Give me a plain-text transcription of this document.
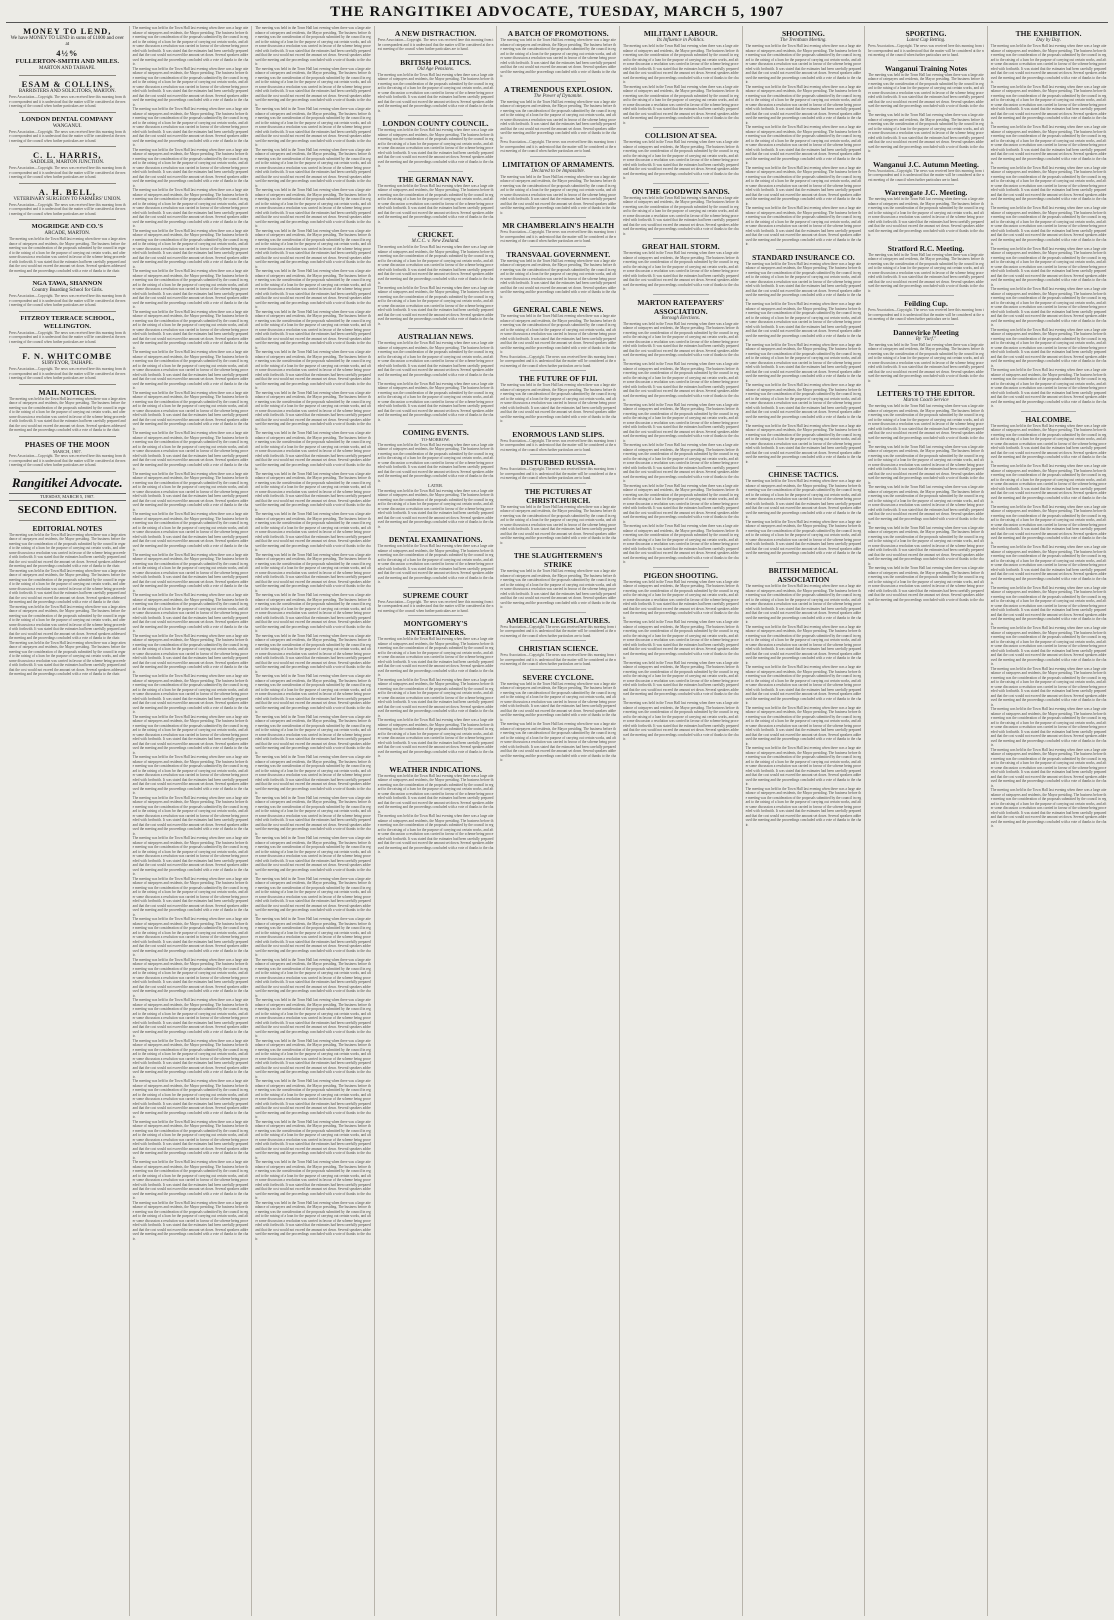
THE RANGITIKEI ADVOCATE, TUESDAY, MARCH 5, 1907
MONEY TO LEND,
We have MONEY TO LEND in sums of £1000 and over at
4½%
FULLERTON-SMITH AND MILES.
MARTON AND TAIHAPE.
ESAM & COLLINS,
BARRISTERS AND SOLICITORS, MARTON.
Press Association—Copyright. The news was received here this morning from the correspondent and it is understood that the matter will be considered at the next meeting of the council when further particulars are to hand.
LONDON DENTAL COMPANY
WANGANUI.
Press Association—Copyright. The news was received here this morning from the correspondent and it is understood that the matter will be considered at the next meeting of the council when further particulars are to hand.
C. L. HARRIS,
SADDLER, MARTON JUNCTION.
Press Association—Copyright. The news was received here this morning from the correspondent and it is understood that the matter will be considered at the next meeting of the council when further particulars are to hand.
A. H. BELL,
VETERINARY SURGEON TO FARMERS' UNION.
Press Association—Copyright. The news was received here this morning from the correspondent and it is understood that the matter will be considered at the next meeting of the council when further particulars are to hand.
MOGRIDGE AND CO.'S
ARCADE, MARTON.
The meeting was held in the Town Hall last evening when there was a large attendance of ratepayers and residents, the Mayor presiding. The business before the meeting was the consideration of the proposals submitted by the council in regard to the raising of a loan for the purpose of carrying out certain works, and after some discussion a resolution was carried in favour of the scheme being proceeded with forthwith. It was stated that the estimates had been carefully prepared and that the cost would not exceed the amount set down. Several speakers addressed the meeting and the proceedings concluded with a vote of thanks to the chair.
NGA TAWA, SHANNON
Country Boarding School for Girls.
Press Association—Copyright. The news was received here this morning from the correspondent and it is understood that the matter will be considered at the next meeting of the council when further particulars are to hand.
FITZROY TERRACE SCHOOL, WELLINGTON.
Press Association—Copyright. The news was received here this morning from the correspondent and it is understood that the matter will be considered at the next meeting of the council when further particulars are to hand.
F. N. WHITCOMBE
SURVEYOR, TAIHAPE.
Press Association—Copyright. The news was received here this morning from the correspondent and it is understood that the matter will be considered at the next meeting of the council when further particulars are to hand.
MAIL NOTICES.
The meeting was held in the Town Hall last evening when there was a large attendance of ratepayers and residents, the Mayor presiding. The business before the meeting was the consideration of the proposals submitted by the council in regard to the raising of a loan for the purpose of carrying out certain works, and after some discussion a resolution was carried in favour of the scheme being proceeded with forthwith. It was stated that the estimates had been carefully prepared and that the cost would not exceed the amount set down. Several speakers addressed the meeting and the proceedings concluded with a vote of thanks to the chair.
PHASES OF THE MOON
MARCH, 1907.
Press Association—Copyright. The news was received here this morning from the correspondent and it is understood that the matter will be considered at the next meeting of the council when further particulars are to hand.
Rangitikei Advocate.
TUESDAY, MARCH 5, 1907.
SECOND EDITION.
EDITORIAL NOTES
The meeting was held in the Town Hall last evening when there was a large attendance of ratepayers and residents, the Mayor presiding. The business before the meeting was the consideration of the proposals submitted by the council in regard to the raising of a loan for the purpose of carrying out certain works, and after some discussion a resolution was carried in favour of the scheme being proceeded with forthwith. It was stated that the estimates had been carefully prepared and that the cost would not exceed the amount set down. Several speakers addressed the meeting and the proceedings concluded with a vote of thanks to the chair.
The meeting was held in the Town Hall last evening when there was a large attendance of ratepayers and residents, the Mayor presiding. The business before the meeting was the consideration of the proposals submitted by the council in regard to the raising of a loan for the purpose of carrying out certain works, and after some discussion a resolution was carried in favour of the scheme being proceeded with forthwith. It was stated that the estimates had been carefully prepared and that the cost would not exceed the amount set down. Several speakers addressed the meeting and the proceedings concluded with a vote of thanks to the chair.
The meeting was held in the Town Hall last evening when there was a large attendance of ratepayers and residents, the Mayor presiding. The business before the meeting was the consideration of the proposals submitted by the council in regard to the raising of a loan for the purpose of carrying out certain works, and after some discussion a resolution was carried in favour of the scheme being proceeded with forthwith. It was stated that the estimates had been carefully prepared and that the cost would not exceed the amount set down. Several speakers addressed the meeting and the proceedings concluded with a vote of thanks to the chair.
The meeting was held in the Town Hall last evening when there was a large attendance of ratepayers and residents, the Mayor presiding. The business before the meeting was the consideration of the proposals submitted by the council in regard to the raising of a loan for the purpose of carrying out certain works, and after some discussion a resolution was carried in favour of the scheme being proceeded with forthwith. It was stated that the estimates had been carefully prepared and that the cost would not exceed the amount set down. Several speakers addressed the meeting and the proceedings concluded with a vote of thanks to the chair.
The meeting was held in the Town Hall last evening when there was a large attendance of ratepayers and residents, the Mayor presiding. The business before the meeting was the consideration of the proposals submitted by the council in regard to the raising of a loan for the purpose of carrying out certain works, and after some discussion a resolution was carried in favour of the scheme being proceeded with forthwith. It was stated that the estimates had been carefully prepared and that the cost would not exceed the amount set down. Several speakers addressed the meeting and the proceedings concluded with a vote of thanks to the chair.
The meeting was held in the Town Hall last evening when there was a large attendance of ratepayers and residents, the Mayor presiding. The business before the meeting was the consideration of the proposals submitted by the council in regard to the raising of a loan for the purpose of carrying out certain works, and after some discussion a resolution was carried in favour of the scheme being proceeded with forthwith. It was stated that the estimates had been carefully prepared and that the cost would not exceed the amount set down. Several speakers addressed the meeting and the proceedings concluded with a vote of thanks to the chair.
The meeting was held in the Town Hall last evening when there was a large attendance of ratepayers and residents, the Mayor presiding. The business before the meeting was the consideration of the proposals submitted by the council in regard to the raising of a loan for the purpose of carrying out certain works, and after some discussion a resolution was carried in favour of the scheme being proceeded with forthwith. It was stated that the estimates had been carefully prepared and that the cost would not exceed the amount set down. Several speakers addressed the meeting and the proceedings concluded with a vote of thanks to the chair.
The meeting was held in the Town Hall last evening when there was a large attendance of ratepayers and residents, the Mayor presiding. The business before the meeting was the consideration of the proposals submitted by the council in regard to the raising of a loan for the purpose of carrying out certain works, and after some discussion a resolution was carried in favour of the scheme being proceeded with forthwith. It was stated that the estimates had been carefully prepared and that the cost would not exceed the amount set down. Several speakers addressed the meeting and the proceedings concluded with a vote of thanks to the chair.
The meeting was held in the Town Hall last evening when there was a large attendance of ratepayers and residents, the Mayor presiding. The business before the meeting was the consideration of the proposals submitted by the council in regard to the raising of a loan for the purpose of carrying out certain works, and after some discussion a resolution was carried in favour of the scheme being proceeded with forthwith. It was stated that the estimates had been carefully prepared and that the cost would not exceed the amount set down. Several speakers addressed the meeting and the proceedings concluded with a vote of thanks to the chair.
The meeting was held in the Town Hall last evening when there was a large attendance of ratepayers and residents, the Mayor presiding. The business before the meeting was the consideration of the proposals submitted by the council in regard to the raising of a loan for the purpose of carrying out certain works, and after some discussion a resolution was carried in favour of the scheme being proceeded with forthwith. It was stated that the estimates had been carefully prepared and that the cost would not exceed the amount set down. Several speakers addressed the meeting and the proceedings concluded with a vote of thanks to the chair.
The meeting was held in the Town Hall last evening when there was a large attendance of ratepayers and residents, the Mayor presiding. The business before the meeting was the consideration of the proposals submitted by the council in regard to the raising of a loan for the purpose of carrying out certain works, and after some discussion a resolution was carried in favour of the scheme being proceeded with forthwith. It was stated that the estimates had been carefully prepared and that the cost would not exceed the amount set down. Several speakers addressed the meeting and the proceedings concluded with a vote of thanks to the chair.
The meeting was held in the Town Hall last evening when there was a large attendance of ratepayers and residents, the Mayor presiding. The business before the meeting was the consideration of the proposals submitted by the council in regard to the raising of a loan for the purpose of carrying out certain works, and after some discussion a resolution was carried in favour of the scheme being proceeded with forthwith. It was stated that the estimates had been carefully prepared and that the cost would not exceed the amount set down. Several speakers addressed the meeting and the proceedings concluded with a vote of thanks to the chair.
The meeting was held in the Town Hall last evening when there was a large attendance of ratepayers and residents, the Mayor presiding. The business before the meeting was the consideration of the proposals submitted by the council in regard to the raising of a loan for the purpose of carrying out certain works, and after some discussion a resolution was carried in favour of the scheme being proceeded with forthwith. It was stated that the estimates had been carefully prepared and that the cost would not exceed the amount set down. Several speakers addressed the meeting and the proceedings concluded with a vote of thanks to the chair.
The meeting was held in the Town Hall last evening when there was a large attendance of ratepayers and residents, the Mayor presiding. The business before the meeting was the consideration of the proposals submitted by the council in regard to the raising of a loan for the purpose of carrying out certain works, and after some discussion a resolution was carried in favour of the scheme being proceeded with forthwith. It was stated that the estimates had been carefully prepared and that the cost would not exceed the amount set down. Several speakers addressed the meeting and the proceedings concluded with a vote of thanks to the chair.
The meeting was held in the Town Hall last evening when there was a large attendance of ratepayers and residents, the Mayor presiding. The business before the meeting was the consideration of the proposals submitted by the council in regard to the raising of a loan for the purpose of carrying out certain works, and after some discussion a resolution was carried in favour of the scheme being proceeded with forthwith. It was stated that the estimates had been carefully prepared and that the cost would not exceed the amount set down. Several speakers addressed the meeting and the proceedings concluded with a vote of thanks to the chair.
The meeting was held in the Town Hall last evening when there was a large attendance of ratepayers and residents, the Mayor presiding. The business before the meeting was the consideration of the proposals submitted by the council in regard to the raising of a loan for the purpose of carrying out certain works, and after some discussion a resolution was carried in favour of the scheme being proceeded with forthwith. It was stated that the estimates had been carefully prepared and that the cost would not exceed the amount set down. Several speakers addressed the meeting and the proceedings concluded with a vote of thanks to the chair.
The meeting was held in the Town Hall last evening when there was a large attendance of ratepayers and residents, the Mayor presiding. The business before the meeting was the consideration of the proposals submitted by the council in regard to the raising of a loan for the purpose of carrying out certain works, and after some discussion a resolution was carried in favour of the scheme being proceeded with forthwith. It was stated that the estimates had been carefully prepared and that the cost would not exceed the amount set down. Several speakers addressed the meeting and the proceedings concluded with a vote of thanks to the chair.
The meeting was held in the Town Hall last evening when there was a large attendance of ratepayers and residents, the Mayor presiding. The business before the meeting was the consideration of the proposals submitted by the council in regard to the raising of a loan for the purpose of carrying out certain works, and after some discussion a resolution was carried in favour of the scheme being proceeded with forthwith. It was stated that the estimates had been carefully prepared and that the cost would not exceed the amount set down. Several speakers addressed the meeting and the proceedings concluded with a vote of thanks to the chair.
The meeting was held in the Town Hall last evening when there was a large attendance of ratepayers and residents, the Mayor presiding. The business before the meeting was the consideration of the proposals submitted by the council in regard to the raising of a loan for the purpose of carrying out certain works, and after some discussion a resolution was carried in favour of the scheme being proceeded with forthwith. It was stated that the estimates had been carefully prepared and that the cost would not exceed the amount set down. Several speakers addressed the meeting and the proceedings concluded with a vote of thanks to the chair.
The meeting was held in the Town Hall last evening when there was a large attendance of ratepayers and residents, the Mayor presiding. The business before the meeting was the consideration of the proposals submitted by the council in regard to the raising of a loan for the purpose of carrying out certain works, and after some discussion a resolution was carried in favour of the scheme being proceeded with forthwith. It was stated that the estimates had been carefully prepared and that the cost would not exceed the amount set down. Several speakers addressed the meeting and the proceedings concluded with a vote of thanks to the chair.
The meeting was held in the Town Hall last evening when there was a large attendance of ratepayers and residents, the Mayor presiding. The business before the meeting was the consideration of the proposals submitted by the council in regard to the raising of a loan for the purpose of carrying out certain works, and after some discussion a resolution was carried in favour of the scheme being proceeded with forthwith. It was stated that the estimates had been carefully prepared and that the cost would not exceed the amount set down. Several speakers addressed the meeting and the proceedings concluded with a vote of thanks to the chair.
The meeting was held in the Town Hall last evening when there was a large attendance of ratepayers and residents, the Mayor presiding. The business before the meeting was the consideration of the proposals submitted by the council in regard to the raising of a loan for the purpose of carrying out certain works, and after some discussion a resolution was carried in favour of the scheme being proceeded with forthwith. It was stated that the estimates had been carefully prepared and that the cost would not exceed the amount set down. Several speakers addressed the meeting and the proceedings concluded with a vote of thanks to the chair.
The meeting was held in the Town Hall last evening when there was a large attendance of ratepayers and residents, the Mayor presiding. The business before the meeting was the consideration of the proposals submitted by the council in regard to the raising of a loan for the purpose of carrying out certain works, and after some discussion a resolution was carried in favour of the scheme being proceeded with forthwith. It was stated that the estimates had been carefully prepared and that the cost would not exceed the amount set down. Several speakers addressed the meeting and the proceedings concluded with a vote of thanks to the chair.
The meeting was held in the Town Hall last evening when there was a large attendance of ratepayers and residents, the Mayor presiding. The business before the meeting was the consideration of the proposals submitted by the council in regard to the raising of a loan for the purpose of carrying out certain works, and after some discussion a resolution was carried in favour of the scheme being proceeded with forthwith. It was stated that the estimates had been carefully prepared and that the cost would not exceed the amount set down. Several speakers addressed the meeting and the proceedings concluded with a vote of thanks to the chair.
The meeting was held in the Town Hall last evening when there was a large attendance of ratepayers and residents, the Mayor presiding. The business before the meeting was the consideration of the proposals submitted by the council in regard to the raising of a loan for the purpose of carrying out certain works, and after some discussion a resolution was carried in favour of the scheme being proceeded with forthwith. It was stated that the estimates had been carefully prepared and that the cost would not exceed the amount set down. Several speakers addressed the meeting and the proceedings concluded with a vote of thanks to the chair.
The meeting was held in the Town Hall last evening when there was a large attendance of ratepayers and residents, the Mayor presiding. The business before the meeting was the consideration of the proposals submitted by the council in regard to the raising of a loan for the purpose of carrying out certain works, and after some discussion a resolution was carried in favour of the scheme being proceeded with forthwith. It was stated that the estimates had been carefully prepared and that the cost would not exceed the amount set down. Several speakers addressed the meeting and the proceedings concluded with a vote of thanks to the chair.
The meeting was held in the Town Hall last evening when there was a large attendance of ratepayers and residents, the Mayor presiding. The business before the meeting was the consideration of the proposals submitted by the council in regard to the raising of a loan for the purpose of carrying out certain works, and after some discussion a resolution was carried in favour of the scheme being proceeded with forthwith. It was stated that the estimates had been carefully prepared and that the cost would not exceed the amount set down. Several speakers addressed the meeting and the proceedings concluded with a vote of thanks to the chair.
The meeting was held in the Town Hall last evening when there was a large attendance of ratepayers and residents, the Mayor presiding. The business before the meeting was the consideration of the proposals submitted by the council in regard to the raising of a loan for the purpose of carrying out certain works, and after some discussion a resolution was carried in favour of the scheme being proceeded with forthwith. It was stated that the estimates had been carefully prepared and that the cost would not exceed the amount set down. Several speakers addressed the meeting and the proceedings concluded with a vote of thanks to the chair.
The meeting was held in the Town Hall last evening when there was a large attendance of ratepayers and residents, the Mayor presiding. The business before the meeting was the consideration of the proposals submitted by the council in regard to the raising of a loan for the purpose of carrying out certain works, and after some discussion a resolution was carried in favour of the scheme being proceeded with forthwith. It was stated that the estimates had been carefully prepared and that the cost would not exceed the amount set down. Several speakers addressed the meeting and the proceedings concluded with a vote of thanks to the chair.
The meeting was held in the Town Hall last evening when there was a large attendance of ratepayers and residents, the Mayor presiding. The business before the meeting was the consideration of the proposals submitted by the council in regard to the raising of a loan for the purpose of carrying out certain works, and after some discussion a resolution was carried in favour of the scheme being proceeded with forthwith. It was stated that the estimates had been carefully prepared and that the cost would not exceed the amount set down. Several speakers addressed the meeting and the proceedings concluded with a vote of thanks to the chair.
The meeting was held in the Town Hall last evening when there was a large attendance of ratepayers and residents, the Mayor presiding. The business before the meeting was the consideration of the proposals submitted by the council in regard to the raising of a loan for the purpose of carrying out certain works, and after some discussion a resolution was carried in favour of the scheme being proceeded with forthwith. It was stated that the estimates had been carefully prepared and that the cost would not exceed the amount set down. Several speakers addressed the meeting and the proceedings concluded with a vote of thanks to the chair.
The meeting was held in the Town Hall last evening when there was a large attendance of ratepayers and residents, the Mayor presiding. The business before the meeting was the consideration of the proposals submitted by the council in regard to the raising of a loan for the purpose of carrying out certain works, and after some discussion a resolution was carried in favour of the scheme being proceeded with forthwith. It was stated that the estimates had been carefully prepared and that the cost would not exceed the amount set down. Several speakers addressed the meeting and the proceedings concluded with a vote of thanks to the chair.
The meeting was held in the Town Hall last evening when there was a large attendance of ratepayers and residents, the Mayor presiding. The business before the meeting was the consideration of the proposals submitted by the council in regard to the raising of a loan for the purpose of carrying out certain works, and after some discussion a resolution was carried in favour of the scheme being proceeded with forthwith. It was stated that the estimates had been carefully prepared and that the cost would not exceed the amount set down. Several speakers addressed the meeting and the proceedings concluded with a vote of thanks to the chair.
The meeting was held in the Town Hall last evening when there was a large attendance of ratepayers and residents, the Mayor presiding. The business before the meeting was the consideration of the proposals submitted by the council in regard to the raising of a loan for the purpose of carrying out certain works, and after some discussion a resolution was carried in favour of the scheme being proceeded with forthwith. It was stated that the estimates had been carefully prepared and that the cost would not exceed the amount set down. Several speakers addressed the meeting and the proceedings concluded with a vote of thanks to the chair.
The meeting was held in the Town Hall last evening when there was a large attendance of ratepayers and residents, the Mayor presiding. The business before the meeting was the consideration of the proposals submitted by the council in regard to the raising of a loan for the purpose of carrying out certain works, and after some discussion a resolution was carried in favour of the scheme being proceeded with forthwith. It was stated that the estimates had been carefully prepared and that the cost would not exceed the amount set down. Several speakers addressed the meeting and the proceedings concluded with a vote of thanks to the chair.
The meeting was held in the Town Hall last evening when there was a large attendance of ratepayers and residents, the Mayor presiding. The business before the meeting was the consideration of the proposals submitted by the council in regard to the raising of a loan for the purpose of carrying out certain works, and after some discussion a resolution was carried in favour of the scheme being proceeded with forthwith. It was stated that the estimates had been carefully prepared and that the cost would not exceed the amount set down. Several speakers addressed the meeting and the proceedings concluded with a vote of thanks to the chair.
The meeting was held in the Town Hall last evening when there was a large attendance of ratepayers and residents, the Mayor presiding. The business before the meeting was the consideration of the proposals submitted by the council in regard to the raising of a loan for the purpose of carrying out certain works, and after some discussion a resolution was carried in favour of the scheme being proceeded with forthwith. It was stated that the estimates had been carefully prepared and that the cost would not exceed the amount set down. Several speakers addressed the meeting and the proceedings concluded with a vote of thanks to the chair.
The meeting was held in the Town Hall last evening when there was a large attendance of ratepayers and residents, the Mayor presiding. The business before the meeting was the consideration of the proposals submitted by the council in regard to the raising of a loan for the purpose of carrying out certain works, and after some discussion a resolution was carried in favour of the scheme being proceeded with forthwith. It was stated that the estimates had been carefully prepared and that the cost would not exceed the amount set down. Several speakers addressed the meeting and the proceedings concluded with a vote of thanks to the chair.
The meeting was held in the Town Hall last evening when there was a large attendance of ratepayers and residents, the Mayor presiding. The business before the meeting was the consideration of the proposals submitted by the council in regard to the raising of a loan for the purpose of carrying out certain works, and after some discussion a resolution was carried in favour of the scheme being proceeded with forthwith. It was stated that the estimates had been carefully prepared and that the cost would not exceed the amount set down. Several speakers addressed the meeting and the proceedings concluded with a vote of thanks to the chair.
The meeting was held in the Town Hall last evening when there was a large attendance of ratepayers and residents, the Mayor presiding. The business before the meeting was the consideration of the proposals submitted by the council in regard to the raising of a loan for the purpose of carrying out certain works, and after some discussion a resolution was carried in favour of the scheme being proceeded with forthwith. It was stated that the estimates had been carefully prepared and that the cost would not exceed the amount set down. Several speakers addressed the meeting and the proceedings concluded with a vote of thanks to the chair.
The meeting was held in the Town Hall last evening when there was a large attendance of ratepayers and residents, the Mayor presiding. The business before the meeting was the consideration of the proposals submitted by the council in regard to the raising of a loan for the purpose of carrying out certain works, and after some discussion a resolution was carried in favour of the scheme being proceeded with forthwith. It was stated that the estimates had been carefully prepared and that the cost would not exceed the amount set down. Several speakers addressed the meeting and the proceedings concluded with a vote of thanks to the chair.
The meeting was held in the Town Hall last evening when there was a large attendance of ratepayers and residents, the Mayor presiding. The business before the meeting was the consideration of the proposals submitted by the council in regard to the raising of a loan for the purpose of carrying out certain works, and after some discussion a resolution was carried in favour of the scheme being proceeded with forthwith. It was stated that the estimates had been carefully prepared and that the cost would not exceed the amount set down. Several speakers addressed the meeting and the proceedings concluded with a vote of thanks to the chair.
The meeting was held in the Town Hall last evening when there was a large attendance of ratepayers and residents, the Mayor presiding. The business before the meeting was the consideration of the proposals submitted by the council in regard to the raising of a loan for the purpose of carrying out certain works, and after some discussion a resolution was carried in favour of the scheme being proceeded with forthwith. It was stated that the estimates had been carefully prepared and that the cost would not exceed the amount set down. Several speakers addressed the meeting and the proceedings concluded with a vote of thanks to the chair.
The meeting was held in the Town Hall last evening when there was a large attendance of ratepayers and residents, the Mayor presiding. The business before the meeting was the consideration of the proposals submitted by the council in regard to the raising of a loan for the purpose of carrying out certain works, and after some discussion a resolution was carried in favour of the scheme being proceeded with forthwith. It was stated that the estimates had been carefully prepared and that the cost would not exceed the amount set down. Several speakers addressed the meeting and the proceedings concluded with a vote of thanks to the chair.
The meeting was held in the Town Hall last evening when there was a large attendance of ratepayers and residents, the Mayor presiding. The business before the meeting was the consideration of the proposals submitted by the council in regard to the raising of a loan for the purpose of carrying out certain works, and after some discussion a resolution was carried in favour of the scheme being proceeded with forthwith. It was stated that the estimates had been carefully prepared and that the cost would not exceed the amount set down. Several speakers addressed the meeting and the proceedings concluded with a vote of thanks to the chair.
The meeting was held in the Town Hall last evening when there was a large attendance of ratepayers and residents, the Mayor presiding. The business before the meeting was the consideration of the proposals submitted by the council in regard to the raising of a loan for the purpose of carrying out certain works, and after some discussion a resolution was carried in favour of the scheme being proceeded with forthwith. It was stated that the estimates had been carefully prepared and that the cost would not exceed the amount set down. Several speakers addressed the meeting and the proceedings concluded with a vote of thanks to the chair.
The meeting was held in the Town Hall last evening when there was a large attendance of ratepayers and residents, the Mayor presiding. The business before the meeting was the consideration of the proposals submitted by the council in regard to the raising of a loan for the purpose of carrying out certain works, and after some discussion a resolution was carried in favour of the scheme being proceeded with forthwith. It was stated that the estimates had been carefully prepared and that the cost would not exceed the amount set down. Several speakers addressed the meeting and the proceedings concluded with a vote of thanks to the chair.
The meeting was held in the Town Hall last evening when there was a large attendance of ratepayers and residents, the Mayor presiding. The business before the meeting was the consideration of the proposals submitted by the council in regard to the raising of a loan for the purpose of carrying out certain works, and after some discussion a resolution was carried in favour of the scheme being proceeded with forthwith. It was stated that the estimates had been carefully prepared and that the cost would not exceed the amount set down. Several speakers addressed the meeting and the proceedings concluded with a vote of thanks to the chair.
The meeting was held in the Town Hall last evening when there was a large attendance of ratepayers and residents, the Mayor presiding. The business before the meeting was the consideration of the proposals submitted by the council in regard to the raising of a loan for the purpose of carrying out certain works, and after some discussion a resolution was carried in favour of the scheme being proceeded with forthwith. It was stated that the estimates had been carefully prepared and that the cost would not exceed the amount set down. Several speakers addressed the meeting and the proceedings concluded with a vote of thanks to the chair.
The meeting was held in the Town Hall last evening when there was a large attendance of ratepayers and residents, the Mayor presiding. The business before the meeting was the consideration of the proposals submitted by the council in regard to the raising of a loan for the purpose of carrying out certain works, and after some discussion a resolution was carried in favour of the scheme being proceeded with forthwith. It was stated that the estimates had been carefully prepared and that the cost would not exceed the amount set down. Several speakers addressed the meeting and the proceedings concluded with a vote of thanks to the chair.
The meeting was held in the Town Hall last evening when there was a large attendance of ratepayers and residents, the Mayor presiding. The business before the meeting was the consideration of the proposals submitted by the council in regard to the raising of a loan for the purpose of carrying out certain works, and after some discussion a resolution was carried in favour of the scheme being proceeded with forthwith. It was stated that the estimates had been carefully prepared and that the cost would not exceed the amount set down. Several speakers addressed the meeting and the proceedings concluded with a vote of thanks to the chair.
The meeting was held in the Town Hall last evening when there was a large attendance of ratepayers and residents, the Mayor presiding. The business before the meeting was the consideration of the proposals submitted by the council in regard to the raising of a loan for the purpose of carrying out certain works, and after some discussion a resolution was carried in favour of the scheme being proceeded with forthwith. It was stated that the estimates had been carefully prepared and that the cost would not exceed the amount set down. Several speakers addressed the meeting and the proceedings concluded with a vote of thanks to the chair.
The meeting was held in the Town Hall last evening when there was a large attendance of ratepayers and residents, the Mayor presiding. The business before the meeting was the consideration of the proposals submitted by the council in regard to the raising of a loan for the purpose of carrying out certain works, and after some discussion a resolution was carried in favour of the scheme being proceeded with forthwith. It was stated that the estimates had been carefully prepared and that the cost would not exceed the amount set down. Several speakers addressed the meeting and the proceedings concluded with a vote of thanks to the chair.
The meeting was held in the Town Hall last evening when there was a large attendance of ratepayers and residents, the Mayor presiding. The business before the meeting was the consideration of the proposals submitted by the council in regard to the raising of a loan for the purpose of carrying out certain works, and after some discussion a resolution was carried in favour of the scheme being proceeded with forthwith. It was stated that the estimates had been carefully prepared and that the cost would not exceed the amount set down. Several speakers addressed the meeting and the proceedings concluded with a vote of thanks to the chair.
The meeting was held in the Town Hall last evening when there was a large attendance of ratepayers and residents, the Mayor presiding. The business before the meeting was the consideration of the proposals submitted by the council in regard to the raising of a loan for the purpose of carrying out certain works, and after some discussion a resolution was carried in favour of the scheme being proceeded with forthwith. It was stated that the estimates had been carefully prepared and that the cost would not exceed the amount set down. Several speakers addressed the meeting and the proceedings concluded with a vote of thanks to the chair.
The meeting was held in the Town Hall last evening when there was a large attendance of ratepayers and residents, the Mayor presiding. The business before the meeting was the consideration of the proposals submitted by the council in regard to the raising of a loan for the purpose of carrying out certain works, and after some discussion a resolution was carried in favour of the scheme being proceeded with forthwith. It was stated that the estimates had been carefully prepared and that the cost would not exceed the amount set down. Several speakers addressed the meeting and the proceedings concluded with a vote of thanks to the chair.
The meeting was held in the Town Hall last evening when there was a large attendance of ratepayers and residents, the Mayor presiding. The business before the meeting was the consideration of the proposals submitted by the council in regard to the raising of a loan for the purpose of carrying out certain works, and after some discussion a resolution was carried in favour of the scheme being proceeded with forthwith. It was stated that the estimates had been carefully prepared and that the cost would not exceed the amount set down. Several speakers addressed the meeting and the proceedings concluded with a vote of thanks to the chair.
The meeting was held in the Town Hall last evening when there was a large attendance of ratepayers and residents, the Mayor presiding. The business before the meeting was the consideration of the proposals submitted by the council in regard to the raising of a loan for the purpose of carrying out certain works, and after some discussion a resolution was carried in favour of the scheme being proceeded with forthwith. It was stated that the estimates had been carefully prepared and that the cost would not exceed the amount set down. Several speakers addressed the meeting and the proceedings concluded with a vote of thanks to the chair.
The meeting was held in the Town Hall last evening when there was a large attendance of ratepayers and residents, the Mayor presiding. The business before the meeting was the consideration of the proposals submitted by the council in regard to the raising of a loan for the purpose of carrying out certain works, and after some discussion a resolution was carried in favour of the scheme being proceeded with forthwith. It was stated that the estimates had been carefully prepared and that the cost would not exceed the amount set down. Several speakers addressed the meeting and the proceedings concluded with a vote of thanks to the chair.
The meeting was held in the Town Hall last evening when there was a large attendance of ratepayers and residents, the Mayor presiding. The business before the meeting was the consideration of the proposals submitted by the council in regard to the raising of a loan for the purpose of carrying out certain works, and after some discussion a resolution was carried in favour of the scheme being proceeded with forthwith. It was stated that the estimates had been carefully prepared and that the cost would not exceed the amount set down. Several speakers addressed the meeting and the proceedings concluded with a vote of thanks to the chair.
The meeting was held in the Town Hall last evening when there was a large attendance of ratepayers and residents, the Mayor presiding. The business before the meeting was the consideration of the proposals submitted by the council in regard to the raising of a loan for the purpose of carrying out certain works, and after some discussion a resolution was carried in favour of the scheme being proceeded with forthwith. It was stated that the estimates had been carefully prepared and that the cost would not exceed the amount set down. Several speakers addressed the meeting and the proceedings concluded with a vote of thanks to the chair.
The meeting was held in the Town Hall last evening when there was a large attendance of ratepayers and residents, the Mayor presiding. The business before the meeting was the consideration of the proposals submitted by the council in regard to the raising of a loan for the purpose of carrying out certain works, and after some discussion a resolution was carried in favour of the scheme being proceeded with forthwith. It was stated that the estimates had been carefully prepared and that the cost would not exceed the amount set down. Several speakers addressed the meeting and the proceedings concluded with a vote of thanks to the chair.
The meeting was held in the Town Hall last evening when there was a large attendance of ratepayers and residents, the Mayor presiding. The business before the meeting was the consideration of the proposals submitted by the council in regard to the raising of a loan for the purpose of carrying out certain works, and after some discussion a resolution was carried in favour of the scheme being proceeded with forthwith. It was stated that the estimates had been carefully prepared and that the cost would not exceed the amount set down. Several speakers addressed the meeting and the proceedings concluded with a vote of thanks to the chair.
The meeting was held in the Town Hall last evening when there was a large attendance of ratepayers and residents, the Mayor presiding. The business before the meeting was the consideration of the proposals submitted by the council in regard to the raising of a loan for the purpose of carrying out certain works, and after some discussion a resolution was carried in favour of the scheme being proceeded with forthwith. It was stated that the estimates had been carefully prepared and that the cost would not exceed the amount set down. Several speakers addressed the meeting and the proceedings concluded with a vote of thanks to the chair.
A NEW DISTRACTION.
Press Association—Copyright. The news was received here this morning from the correspondent and it is understood that the matter will be considered at the next meeting of the council when further particulars are to hand.
BRITISH POLITICS.
Old Age Pensions.
The meeting was held in the Town Hall last evening when there was a large attendance of ratepayers and residents, the Mayor presiding. The business before the meeting was the consideration of the proposals submitted by the council in regard to the raising of a loan for the purpose of carrying out certain works, and after some discussion a resolution was carried in favour of the scheme being proceeded with forthwith. It was stated that the estimates had been carefully prepared and that the cost would not exceed the amount set down. Several speakers addressed the meeting and the proceedings concluded with a vote of thanks to the chair.
LONDON COUNTY COUNCIL.
The meeting was held in the Town Hall last evening when there was a large attendance of ratepayers and residents, the Mayor presiding. The business before the meeting was the consideration of the proposals submitted by the council in regard to the raising of a loan for the purpose of carrying out certain works, and after some discussion a resolution was carried in favour of the scheme being proceeded with forthwith. It was stated that the estimates had been carefully prepared and that the cost would not exceed the amount set down. Several speakers addressed the meeting and the proceedings concluded with a vote of thanks to the chair.
THE GERMAN NAVY.
The meeting was held in the Town Hall last evening when there was a large attendance of ratepayers and residents, the Mayor presiding. The business before the meeting was the consideration of the proposals submitted by the council in regard to the raising of a loan for the purpose of carrying out certain works, and after some discussion a resolution was carried in favour of the scheme being proceeded with forthwith. It was stated that the estimates had been carefully prepared and that the cost would not exceed the amount set down. Several speakers addressed the meeting and the proceedings concluded with a vote of thanks to the chair.
CRICKET.
M.C.C. v. New Zealand.
The meeting was held in the Town Hall last evening when there was a large attendance of ratepayers and residents, the Mayor presiding. The business before the meeting was the consideration of the proposals submitted by the council in regard to the raising of a loan for the purpose of carrying out certain works, and after some discussion a resolution was carried in favour of the scheme being proceeded with forthwith. It was stated that the estimates had been carefully prepared and that the cost would not exceed the amount set down. Several speakers addressed the meeting and the proceedings concluded with a vote of thanks to the chair.
The meeting was held in the Town Hall last evening when there was a large attendance of ratepayers and residents, the Mayor presiding. The business before the meeting was the consideration of the proposals submitted by the council in regard to the raising of a loan for the purpose of carrying out certain works, and after some discussion a resolution was carried in favour of the scheme being proceeded with forthwith. It was stated that the estimates had been carefully prepared and that the cost would not exceed the amount set down. Several speakers addressed the meeting and the proceedings concluded with a vote of thanks to the chair.
AUSTRALIAN NEWS.
The meeting was held in the Town Hall last evening when there was a large attendance of ratepayers and residents, the Mayor presiding. The business before the meeting was the consideration of the proposals submitted by the council in regard to the raising of a loan for the purpose of carrying out certain works, and after some discussion a resolution was carried in favour of the scheme being proceeded with forthwith. It was stated that the estimates had been carefully prepared and that the cost would not exceed the amount set down. Several speakers addressed the meeting and the proceedings concluded with a vote of thanks to the chair.
The meeting was held in the Town Hall last evening when there was a large attendance of ratepayers and residents, the Mayor presiding. The business before the meeting was the consideration of the proposals submitted by the council in regard to the raising of a loan for the purpose of carrying out certain works, and after some discussion a resolution was carried in favour of the scheme being proceeded with forthwith. It was stated that the estimates had been carefully prepared and that the cost would not exceed the amount set down. Several speakers addressed the meeting and the proceedings concluded with a vote of thanks to the chair.
COMING EVENTS.
TO-MORROW.
The meeting was held in the Town Hall last evening when there was a large attendance of ratepayers and residents, the Mayor presiding. The business before the meeting was the consideration of the proposals submitted by the council in regard to the raising of a loan for the purpose of carrying out certain works, and after some discussion a resolution was carried in favour of the scheme being proceeded with forthwith. It was stated that the estimates had been carefully prepared and that the cost would not exceed the amount set down. Several speakers addressed the meeting and the proceedings concluded with a vote of thanks to the chair.
LATER.
The meeting was held in the Town Hall last evening when there was a large attendance of ratepayers and residents, the Mayor presiding. The business before the meeting was the consideration of the proposals submitted by the council in regard to the raising of a loan for the purpose of carrying out certain works, and after some discussion a resolution was carried in favour of the scheme being proceeded with forthwith. It was stated that the estimates had been carefully prepared and that the cost would not exceed the amount set down. Several speakers addressed the meeting and the proceedings concluded with a vote of thanks to the chair.
DENTAL EXAMINATIONS.
The meeting was held in the Town Hall last evening when there was a large attendance of ratepayers and residents, the Mayor presiding. The business before the meeting was the consideration of the proposals submitted by the council in regard to the raising of a loan for the purpose of carrying out certain works, and after some discussion a resolution was carried in favour of the scheme being proceeded with forthwith. It was stated that the estimates had been carefully prepared and that the cost would not exceed the amount set down. Several speakers addressed the meeting and the proceedings concluded with a vote of thanks to the chair.
SUPREME COURT
Press Association—Copyright. The news was received here this morning from the correspondent and it is understood that the matter will be considered at the next meeting of the council when further particulars are to hand.
MONTGOMERY'S ENTERTAINERS.
The meeting was held in the Town Hall last evening when there was a large attendance of ratepayers and residents, the Mayor presiding. The business before the meeting was the consideration of the proposals submitted by the council in regard to the raising of a loan for the purpose of carrying out certain works, and after some discussion a resolution was carried in favour of the scheme being proceeded with forthwith. It was stated that the estimates had been carefully prepared and that the cost would not exceed the amount set down. Several speakers addressed the meeting and the proceedings concluded with a vote of thanks to the chair.
The meeting was held in the Town Hall last evening when there was a large attendance of ratepayers and residents, the Mayor presiding. The business before the meeting was the consideration of the proposals submitted by the council in regard to the raising of a loan for the purpose of carrying out certain works, and after some discussion a resolution was carried in favour of the scheme being proceeded with forthwith. It was stated that the estimates had been carefully prepared and that the cost would not exceed the amount set down. Several speakers addressed the meeting and the proceedings concluded with a vote of thanks to the chair.
The meeting was held in the Town Hall last evening when there was a large attendance of ratepayers and residents, the Mayor presiding. The business before the meeting was the consideration of the proposals submitted by the council in regard to the raising of a loan for the purpose of carrying out certain works, and after some discussion a resolution was carried in favour of the scheme being proceeded with forthwith. It was stated that the estimates had been carefully prepared and that the cost would not exceed the amount set down. Several speakers addressed the meeting and the proceedings concluded with a vote of thanks to the chair.
WEATHER INDICATIONS.
The meeting was held in the Town Hall last evening when there was a large attendance of ratepayers and residents, the Mayor presiding. The business before the meeting was the consideration of the proposals submitted by the council in regard to the raising of a loan for the purpose of carrying out certain works, and after some discussion a resolution was carried in favour of the scheme being proceeded with forthwith. It was stated that the estimates had been carefully prepared and that the cost would not exceed the amount set down. Several speakers addressed the meeting and the proceedings concluded with a vote of thanks to the chair.
The meeting was held in the Town Hall last evening when there was a large attendance of ratepayers and residents, the Mayor presiding. The business before the meeting was the consideration of the proposals submitted by the council in regard to the raising of a loan for the purpose of carrying out certain works, and after some discussion a resolution was carried in favour of the scheme being proceeded with forthwith. It was stated that the estimates had been carefully prepared and that the cost would not exceed the amount set down. Several speakers addressed the meeting and the proceedings concluded with a vote of thanks to the chair.
A BATCH OF PROMOTIONS.
The meeting was held in the Town Hall last evening when there was a large attendance of ratepayers and residents, the Mayor presiding. The business before the meeting was the consideration of the proposals submitted by the council in regard to the raising of a loan for the purpose of carrying out certain works, and after some discussion a resolution was carried in favour of the scheme being proceeded with forthwith. It was stated that the estimates had been carefully prepared and that the cost would not exceed the amount set down. Several speakers addressed the meeting and the proceedings concluded with a vote of thanks to the chair.
A TREMENDOUS EXPLOSION.
The Power of Dynamite.
The meeting was held in the Town Hall last evening when there was a large attendance of ratepayers and residents, the Mayor presiding. The business before the meeting was the consideration of the proposals submitted by the council in regard to the raising of a loan for the purpose of carrying out certain works, and after some discussion a resolution was carried in favour of the scheme being proceeded with forthwith. It was stated that the estimates had been carefully prepared and that the cost would not exceed the amount set down. Several speakers addressed the meeting and the proceedings concluded with a vote of thanks to the chair.
Press Association—Copyright. The news was received here this morning from the correspondent and it is understood that the matter will be considered at the next meeting of the council when further particulars are to hand.
LIMITATION OF ARMAMENTS.
Declared to be Impossible.
The meeting was held in the Town Hall last evening when there was a large attendance of ratepayers and residents, the Mayor presiding. The business before the meeting was the consideration of the proposals submitted by the council in regard to the raising of a loan for the purpose of carrying out certain works, and after some discussion a resolution was carried in favour of the scheme being proceeded with forthwith. It was stated that the estimates had been carefully prepared and that the cost would not exceed the amount set down. Several speakers addressed the meeting and the proceedings concluded with a vote of thanks to the chair.
MR CHAMBERLAIN'S HEALTH
Press Association—Copyright. The news was received here this morning from the correspondent and it is understood that the matter will be considered at the next meeting of the council when further particulars are to hand.
TRANSVAAL GOVERNMENT.
The meeting was held in the Town Hall last evening when there was a large attendance of ratepayers and residents, the Mayor presiding. The business before the meeting was the consideration of the proposals submitted by the council in regard to the raising of a loan for the purpose of carrying out certain works, and after some discussion a resolution was carried in favour of the scheme being proceeded with forthwith. It was stated that the estimates had been carefully prepared and that the cost would not exceed the amount set down. Several speakers addressed the meeting and the proceedings concluded with a vote of thanks to the chair.
GENERAL CABLE NEWS.
The meeting was held in the Town Hall last evening when there was a large attendance of ratepayers and residents, the Mayor presiding. The business before the meeting was the consideration of the proposals submitted by the council in regard to the raising of a loan for the purpose of carrying out certain works, and after some discussion a resolution was carried in favour of the scheme being proceeded with forthwith. It was stated that the estimates had been carefully prepared and that the cost would not exceed the amount set down. Several speakers addressed the meeting and the proceedings concluded with a vote of thanks to the chair.
Press Association—Copyright. The news was received here this morning from the correspondent and it is understood that the matter will be considered at the next meeting of the council when further particulars are to hand.
THE FUTURE OF FIJI.
The meeting was held in the Town Hall last evening when there was a large attendance of ratepayers and residents, the Mayor presiding. The business before the meeting was the consideration of the proposals submitted by the council in regard to the raising of a loan for the purpose of carrying out certain works, and after some discussion a resolution was carried in favour of the scheme being proceeded with forthwith. It was stated that the estimates had been carefully prepared and that the cost would not exceed the amount set down. Several speakers addressed the meeting and the proceedings concluded with a vote of thanks to the chair.
ENORMOUS LAND SLIPS.
Press Association—Copyright. The news was received here this morning from the correspondent and it is understood that the matter will be considered at the next meeting of the council when further particulars are to hand.
DISTURBED RUSSIA.
Press Association—Copyright. The news was received here this morning from the correspondent and it is understood that the matter will be considered at the next meeting of the council when further particulars are to hand.
THE PICTURES AT CHRISTCHURCH.
The meeting was held in the Town Hall last evening when there was a large attendance of ratepayers and residents, the Mayor presiding. The business before the meeting was the consideration of the proposals submitted by the council in regard to the raising of a loan for the purpose of carrying out certain works, and after some discussion a resolution was carried in favour of the scheme being proceeded with forthwith. It was stated that the estimates had been carefully prepared and that the cost would not exceed the amount set down. Several speakers addressed the meeting and the proceedings concluded with a vote of thanks to the chair.
THE SLAUGHTERMEN'S STRIKE
The meeting was held in the Town Hall last evening when there was a large attendance of ratepayers and residents, the Mayor presiding. The business before the meeting was the consideration of the proposals submitted by the council in regard to the raising of a loan for the purpose of carrying out certain works, and after some discussion a resolution was carried in favour of the scheme being proceeded with forthwith. It was stated that the estimates had been carefully prepared and that the cost would not exceed the amount set down. Several speakers addressed the meeting and the proceedings concluded with a vote of thanks to the chair.
AMERICAN LEGISLATURES.
Press Association—Copyright. The news was received here this morning from the correspondent and it is understood that the matter will be considered at the next meeting of the council when further particulars are to hand.
CHRISTIAN SCIENCE.
Press Association—Copyright. The news was received here this morning from the correspondent and it is understood that the matter will be considered at the next meeting of the council when further particulars are to hand.
SEVERE CYCLONE.
The meeting was held in the Town Hall last evening when there was a large attendance of ratepayers and residents, the Mayor presiding. The business before the meeting was the consideration of the proposals submitted by the council in regard to the raising of a loan for the purpose of carrying out certain works, and after some discussion a resolution was carried in favour of the scheme being proceeded with forthwith. It was stated that the estimates had been carefully prepared and that the cost would not exceed the amount set down. Several speakers addressed the meeting and the proceedings concluded with a vote of thanks to the chair.
The meeting was held in the Town Hall last evening when there was a large attendance of ratepayers and residents, the Mayor presiding. The business before the meeting was the consideration of the proposals submitted by the council in regard to the raising of a loan for the purpose of carrying out certain works, and after some discussion a resolution was carried in favour of the scheme being proceeded with forthwith. It was stated that the estimates had been carefully prepared and that the cost would not exceed the amount set down. Several speakers addressed the meeting and the proceedings concluded with a vote of thanks to the chair.
MILITANT LABOUR.
Its Influence in Politics.
The meeting was held in the Town Hall last evening when there was a large attendance of ratepayers and residents, the Mayor presiding. The business before the meeting was the consideration of the proposals submitted by the council in regard to the raising of a loan for the purpose of carrying out certain works, and after some discussion a resolution was carried in favour of the scheme being proceeded with forthwith. It was stated that the estimates had been carefully prepared and that the cost would not exceed the amount set down. Several speakers addressed the meeting and the proceedings concluded with a vote of thanks to the chair.
The meeting was held in the Town Hall last evening when there was a large attendance of ratepayers and residents, the Mayor presiding. The business before the meeting was the consideration of the proposals submitted by the council in regard to the raising of a loan for the purpose of carrying out certain works, and after some discussion a resolution was carried in favour of the scheme being proceeded with forthwith. It was stated that the estimates had been carefully prepared and that the cost would not exceed the amount set down. Several speakers addressed the meeting and the proceedings concluded with a vote of thanks to the chair.
COLLISION AT SEA.
The meeting was held in the Town Hall last evening when there was a large attendance of ratepayers and residents, the Mayor presiding. The business before the meeting was the consideration of the proposals submitted by the council in regard to the raising of a loan for the purpose of carrying out certain works, and after some discussion a resolution was carried in favour of the scheme being proceeded with forthwith. It was stated that the estimates had been carefully prepared and that the cost would not exceed the amount set down. Several speakers addressed the meeting and the proceedings concluded with a vote of thanks to the chair.
ON THE GOODWIN SANDS.
The meeting was held in the Town Hall last evening when there was a large attendance of ratepayers and residents, the Mayor presiding. The business before the meeting was the consideration of the proposals submitted by the council in regard to the raising of a loan for the purpose of carrying out certain works, and after some discussion a resolution was carried in favour of the scheme being proceeded with forthwith. It was stated that the estimates had been carefully prepared and that the cost would not exceed the amount set down. Several speakers addressed the meeting and the proceedings concluded with a vote of thanks to the chair.
GREAT HAIL STORM.
The meeting was held in the Town Hall last evening when there was a large attendance of ratepayers and residents, the Mayor presiding. The business before the meeting was the consideration of the proposals submitted by the council in regard to the raising of a loan for the purpose of carrying out certain works, and after some discussion a resolution was carried in favour of the scheme being proceeded with forthwith. It was stated that the estimates had been carefully prepared and that the cost would not exceed the amount set down. Several speakers addressed the meeting and the proceedings concluded with a vote of thanks to the chair.
MARTON RATEPAYERS' ASSOCIATION.
Borough Elections.
The meeting was held in the Town Hall last evening when there was a large attendance of ratepayers and residents, the Mayor presiding. The business before the meeting was the consideration of the proposals submitted by the council in regard to the raising of a loan for the purpose of carrying out certain works, and after some discussion a resolution was carried in favour of the scheme being proceeded with forthwith. It was stated that the estimates had been carefully prepared and that the cost would not exceed the amount set down. Several speakers addressed the meeting and the proceedings concluded with a vote of thanks to the chair.
The meeting was held in the Town Hall last evening when there was a large attendance of ratepayers and residents, the Mayor presiding. The business before the meeting was the consideration of the proposals submitted by the council in regard to the raising of a loan for the purpose of carrying out certain works, and after some discussion a resolution was carried in favour of the scheme being proceeded with forthwith. It was stated that the estimates had been carefully prepared and that the cost would not exceed the amount set down. Several speakers addressed the meeting and the proceedings concluded with a vote of thanks to the chair.
The meeting was held in the Town Hall last evening when there was a large attendance of ratepayers and residents, the Mayor presiding. The business before the meeting was the consideration of the proposals submitted by the council in regard to the raising of a loan for the purpose of carrying out certain works, and after some discussion a resolution was carried in favour of the scheme being proceeded with forthwith. It was stated that the estimates had been carefully prepared and that the cost would not exceed the amount set down. Several speakers addressed the meeting and the proceedings concluded with a vote of thanks to the chair.
The meeting was held in the Town Hall last evening when there was a large attendance of ratepayers and residents, the Mayor presiding. The business before the meeting was the consideration of the proposals submitted by the council in regard to the raising of a loan for the purpose of carrying out certain works, and after some discussion a resolution was carried in favour of the scheme being proceeded with forthwith. It was stated that the estimates had been carefully prepared and that the cost would not exceed the amount set down. Several speakers addressed the meeting and the proceedings concluded with a vote of thanks to the chair.
The meeting was held in the Town Hall last evening when there was a large attendance of ratepayers and residents, the Mayor presiding. The business before the meeting was the consideration of the proposals submitted by the council in regard to the raising of a loan for the purpose of carrying out certain works, and after some discussion a resolution was carried in favour of the scheme being proceeded with forthwith. It was stated that the estimates had been carefully prepared and that the cost would not exceed the amount set down. Several speakers addressed the meeting and the proceedings concluded with a vote of thanks to the chair.
The meeting was held in the Town Hall last evening when there was a large attendance of ratepayers and residents, the Mayor presiding. The business before the meeting was the consideration of the proposals submitted by the council in regard to the raising of a loan for the purpose of carrying out certain works, and after some discussion a resolution was carried in favour of the scheme being proceeded with forthwith. It was stated that the estimates had been carefully prepared and that the cost would not exceed the amount set down. Several speakers addressed the meeting and the proceedings concluded with a vote of thanks to the chair.
PIGEON SHOOTING.
The meeting was held in the Town Hall last evening when there was a large attendance of ratepayers and residents, the Mayor presiding. The business before the meeting was the consideration of the proposals submitted by the council in regard to the raising of a loan for the purpose of carrying out certain works, and after some discussion a resolution was carried in favour of the scheme being proceeded with forthwith. It was stated that the estimates had been carefully prepared and that the cost would not exceed the amount set down. Several speakers addressed the meeting and the proceedings concluded with a vote of thanks to the chair.
The meeting was held in the Town Hall last evening when there was a large attendance of ratepayers and residents, the Mayor presiding. The business before the meeting was the consideration of the proposals submitted by the council in regard to the raising of a loan for the purpose of carrying out certain works, and after some discussion a resolution was carried in favour of the scheme being proceeded with forthwith. It was stated that the estimates had been carefully prepared and that the cost would not exceed the amount set down. Several speakers addressed the meeting and the proceedings concluded with a vote of thanks to the chair.
The meeting was held in the Town Hall last evening when there was a large attendance of ratepayers and residents, the Mayor presiding. The business before the meeting was the consideration of the proposals submitted by the council in regard to the raising of a loan for the purpose of carrying out certain works, and after some discussion a resolution was carried in favour of the scheme being proceeded with forthwith. It was stated that the estimates had been carefully prepared and that the cost would not exceed the amount set down. Several speakers addressed the meeting and the proceedings concluded with a vote of thanks to the chair.
The meeting was held in the Town Hall last evening when there was a large attendance of ratepayers and residents, the Mayor presiding. The business before the meeting was the consideration of the proposals submitted by the council in regard to the raising of a loan for the purpose of carrying out certain works, and after some discussion a resolution was carried in favour of the scheme being proceeded with forthwith. It was stated that the estimates had been carefully prepared and that the cost would not exceed the amount set down. Several speakers addressed the meeting and the proceedings concluded with a vote of thanks to the chair.
SHOOTING.
The Trentham Meeting.
The meeting was held in the Town Hall last evening when there was a large attendance of ratepayers and residents, the Mayor presiding. The business before the meeting was the consideration of the proposals submitted by the council in regard to the raising of a loan for the purpose of carrying out certain works, and after some discussion a resolution was carried in favour of the scheme being proceeded with forthwith. It was stated that the estimates had been carefully prepared and that the cost would not exceed the amount set down. Several speakers addressed the meeting and the proceedings concluded with a vote of thanks to the chair.
The meeting was held in the Town Hall last evening when there was a large attendance of ratepayers and residents, the Mayor presiding. The business before the meeting was the consideration of the proposals submitted by the council in regard to the raising of a loan for the purpose of carrying out certain works, and after some discussion a resolution was carried in favour of the scheme being proceeded with forthwith. It was stated that the estimates had been carefully prepared and that the cost would not exceed the amount set down. Several speakers addressed the meeting and the proceedings concluded with a vote of thanks to the chair.
The meeting was held in the Town Hall last evening when there was a large attendance of ratepayers and residents, the Mayor presiding. The business before the meeting was the consideration of the proposals submitted by the council in regard to the raising of a loan for the purpose of carrying out certain works, and after some discussion a resolution was carried in favour of the scheme being proceeded with forthwith. It was stated that the estimates had been carefully prepared and that the cost would not exceed the amount set down. Several speakers addressed the meeting and the proceedings concluded with a vote of thanks to the chair.
The meeting was held in the Town Hall last evening when there was a large attendance of ratepayers and residents, the Mayor presiding. The business before the meeting was the consideration of the proposals submitted by the council in regard to the raising of a loan for the purpose of carrying out certain works, and after some discussion a resolution was carried in favour of the scheme being proceeded with forthwith. It was stated that the estimates had been carefully prepared and that the cost would not exceed the amount set down. Several speakers addressed the meeting and the proceedings concluded with a vote of thanks to the chair.
The meeting was held in the Town Hall last evening when there was a large attendance of ratepayers and residents, the Mayor presiding. The business before the meeting was the consideration of the proposals submitted by the council in regard to the raising of a loan for the purpose of carrying out certain works, and after some discussion a resolution was carried in favour of the scheme being proceeded with forthwith. It was stated that the estimates had been carefully prepared and that the cost would not exceed the amount set down. Several speakers addressed the meeting and the proceedings concluded with a vote of thanks to the chair.
STANDARD INSURANCE CO.
The meeting was held in the Town Hall last evening when there was a large attendance of ratepayers and residents, the Mayor presiding. The business before the meeting was the consideration of the proposals submitted by the council in regard to the raising of a loan for the purpose of carrying out certain works, and after some discussion a resolution was carried in favour of the scheme being proceeded with forthwith. It was stated that the estimates had been carefully prepared and that the cost would not exceed the amount set down. Several speakers addressed the meeting and the proceedings concluded with a vote of thanks to the chair.
The meeting was held in the Town Hall last evening when there was a large attendance of ratepayers and residents, the Mayor presiding. The business before the meeting was the consideration of the proposals submitted by the council in regard to the raising of a loan for the purpose of carrying out certain works, and after some discussion a resolution was carried in favour of the scheme being proceeded with forthwith. It was stated that the estimates had been carefully prepared and that the cost would not exceed the amount set down. Several speakers addressed the meeting and the proceedings concluded with a vote of thanks to the chair.
The meeting was held in the Town Hall last evening when there was a large attendance of ratepayers and residents, the Mayor presiding. The business before the meeting was the consideration of the proposals submitted by the council in regard to the raising of a loan for the purpose of carrying out certain works, and after some discussion a resolution was carried in favour of the scheme being proceeded with forthwith. It was stated that the estimates had been carefully prepared and that the cost would not exceed the amount set down. Several speakers addressed the meeting and the proceedings concluded with a vote of thanks to the chair.
The meeting was held in the Town Hall last evening when there was a large attendance of ratepayers and residents, the Mayor presiding. The business before the meeting was the consideration of the proposals submitted by the council in regard to the raising of a loan for the purpose of carrying out certain works, and after some discussion a resolution was carried in favour of the scheme being proceeded with forthwith. It was stated that the estimates had been carefully prepared and that the cost would not exceed the amount set down. Several speakers addressed the meeting and the proceedings concluded with a vote of thanks to the chair.
The meeting was held in the Town Hall last evening when there was a large attendance of ratepayers and residents, the Mayor presiding. The business before the meeting was the consideration of the proposals submitted by the council in regard to the raising of a loan for the purpose of carrying out certain works, and after some discussion a resolution was carried in favour of the scheme being proceeded with forthwith. It was stated that the estimates had been carefully prepared and that the cost would not exceed the amount set down. Several speakers addressed the meeting and the proceedings concluded with a vote of thanks to the chair.
CHINESE TACTICS.
The meeting was held in the Town Hall last evening when there was a large attendance of ratepayers and residents, the Mayor presiding. The business before the meeting was the consideration of the proposals submitted by the council in regard to the raising of a loan for the purpose of carrying out certain works, and after some discussion a resolution was carried in favour of the scheme being proceeded with forthwith. It was stated that the estimates had been carefully prepared and that the cost would not exceed the amount set down. Several speakers addressed the meeting and the proceedings concluded with a vote of thanks to the chair.
The meeting was held in the Town Hall last evening when there was a large attendance of ratepayers and residents, the Mayor presiding. The business before the meeting was the consideration of the proposals submitted by the council in regard to the raising of a loan for the purpose of carrying out certain works, and after some discussion a resolution was carried in favour of the scheme being proceeded with forthwith. It was stated that the estimates had been carefully prepared and that the cost would not exceed the amount set down. Several speakers addressed the meeting and the proceedings concluded with a vote of thanks to the chair.
BRITISH MEDICAL ASSOCIATION
The meeting was held in the Town Hall last evening when there was a large attendance of ratepayers and residents, the Mayor presiding. The business before the meeting was the consideration of the proposals submitted by the council in regard to the raising of a loan for the purpose of carrying out certain works, and after some discussion a resolution was carried in favour of the scheme being proceeded with forthwith. It was stated that the estimates had been carefully prepared and that the cost would not exceed the amount set down. Several speakers addressed the meeting and the proceedings concluded with a vote of thanks to the chair.
The meeting was held in the Town Hall last evening when there was a large attendance of ratepayers and residents, the Mayor presiding. The business before the meeting was the consideration of the proposals submitted by the council in regard to the raising of a loan for the purpose of carrying out certain works, and after some discussion a resolution was carried in favour of the scheme being proceeded with forthwith. It was stated that the estimates had been carefully prepared and that the cost would not exceed the amount set down. Several speakers addressed the meeting and the proceedings concluded with a vote of thanks to the chair.
The meeting was held in the Town Hall last evening when there was a large attendance of ratepayers and residents, the Mayor presiding. The business before the meeting was the consideration of the proposals submitted by the council in regard to the raising of a loan for the purpose of carrying out certain works, and after some discussion a resolution was carried in favour of the scheme being proceeded with forthwith. It was stated that the estimates had been carefully prepared and that the cost would not exceed the amount set down. Several speakers addressed the meeting and the proceedings concluded with a vote of thanks to the chair.
The meeting was held in the Town Hall last evening when there was a large attendance of ratepayers and residents, the Mayor presiding. The business before the meeting was the consideration of the proposals submitted by the council in regard to the raising of a loan for the purpose of carrying out certain works, and after some discussion a resolution was carried in favour of the scheme being proceeded with forthwith. It was stated that the estimates had been carefully prepared and that the cost would not exceed the amount set down. Several speakers addressed the meeting and the proceedings concluded with a vote of thanks to the chair.
The meeting was held in the Town Hall last evening when there was a large attendance of ratepayers and residents, the Mayor presiding. The business before the meeting was the consideration of the proposals submitted by the council in regard to the raising of a loan for the purpose of carrying out certain works, and after some discussion a resolution was carried in favour of the scheme being proceeded with forthwith. It was stated that the estimates had been carefully prepared and that the cost would not exceed the amount set down. Several speakers addressed the meeting and the proceedings concluded with a vote of thanks to the chair.
The meeting was held in the Town Hall last evening when there was a large attendance of ratepayers and residents, the Mayor presiding. The business before the meeting was the consideration of the proposals submitted by the council in regard to the raising of a loan for the purpose of carrying out certain works, and after some discussion a resolution was carried in favour of the scheme being proceeded with forthwith. It was stated that the estimates had been carefully prepared and that the cost would not exceed the amount set down. Several speakers addressed the meeting and the proceedings concluded with a vote of thanks to the chair.
SPORTING.
Latest Cup Betting.
Press Association—Copyright. The news was received here this morning from the correspondent and it is understood that the matter will be considered at the next meeting of the council when further particulars are to hand.
Wanganui Training Notes
The meeting was held in the Town Hall last evening when there was a large attendance of ratepayers and residents, the Mayor presiding. The business before the meeting was the consideration of the proposals submitted by the council in regard to the raising of a loan for the purpose of carrying out certain works, and after some discussion a resolution was carried in favour of the scheme being proceeded with forthwith. It was stated that the estimates had been carefully prepared and that the cost would not exceed the amount set down. Several speakers addressed the meeting and the proceedings concluded with a vote of thanks to the chair.
The meeting was held in the Town Hall last evening when there was a large attendance of ratepayers and residents, the Mayor presiding. The business before the meeting was the consideration of the proposals submitted by the council in regard to the raising of a loan for the purpose of carrying out certain works, and after some discussion a resolution was carried in favour of the scheme being proceeded with forthwith. It was stated that the estimates had been carefully prepared and that the cost would not exceed the amount set down. Several speakers addressed the meeting and the proceedings concluded with a vote of thanks to the chair.
Wanganui J.C. Autumn Meeting.
Press Association—Copyright. The news was received here this morning from the correspondent and it is understood that the matter will be considered at the next meeting of the council when further particulars are to hand.
Warrengate J.C. Meeting.
The meeting was held in the Town Hall last evening when there was a large attendance of ratepayers and residents, the Mayor presiding. The business before the meeting was the consideration of the proposals submitted by the council in regard to the raising of a loan for the purpose of carrying out certain works, and after some discussion a resolution was carried in favour of the scheme being proceeded with forthwith. It was stated that the estimates had been carefully prepared and that the cost would not exceed the amount set down. Several speakers addressed the meeting and the proceedings concluded with a vote of thanks to the chair.
Stratford R.C. Meeting.
The meeting was held in the Town Hall last evening when there was a large attendance of ratepayers and residents, the Mayor presiding. The business before the meeting was the consideration of the proposals submitted by the council in regard to the raising of a loan for the purpose of carrying out certain works, and after some discussion a resolution was carried in favour of the scheme being proceeded with forthwith. It was stated that the estimates had been carefully prepared and that the cost would not exceed the amount set down. Several speakers addressed the meeting and the proceedings concluded with a vote of thanks to the chair.
Feilding Cup.
Press Association—Copyright. The news was received here this morning from the correspondent and it is understood that the matter will be considered at the next meeting of the council when further particulars are to hand.
Dannevirke Meeting
By "Turf."
The meeting was held in the Town Hall last evening when there was a large attendance of ratepayers and residents, the Mayor presiding. The business before the meeting was the consideration of the proposals submitted by the council in regard to the raising of a loan for the purpose of carrying out certain works, and after some discussion a resolution was carried in favour of the scheme being proceeded with forthwith. It was stated that the estimates had been carefully prepared and that the cost would not exceed the amount set down. Several speakers addressed the meeting and the proceedings concluded with a vote of thanks to the chair.
LETTERS TO THE EDITOR.
Marton Coach Service
The meeting was held in the Town Hall last evening when there was a large attendance of ratepayers and residents, the Mayor presiding. The business before the meeting was the consideration of the proposals submitted by the council in regard to the raising of a loan for the purpose of carrying out certain works, and after some discussion a resolution was carried in favour of the scheme being proceeded with forthwith. It was stated that the estimates had been carefully prepared and that the cost would not exceed the amount set down. Several speakers addressed the meeting and the proceedings concluded with a vote of thanks to the chair.
The meeting was held in the Town Hall last evening when there was a large attendance of ratepayers and residents, the Mayor presiding. The business before the meeting was the consideration of the proposals submitted by the council in regard to the raising of a loan for the purpose of carrying out certain works, and after some discussion a resolution was carried in favour of the scheme being proceeded with forthwith. It was stated that the estimates had been carefully prepared and that the cost would not exceed the amount set down. Several speakers addressed the meeting and the proceedings concluded with a vote of thanks to the chair.
The meeting was held in the Town Hall last evening when there was a large attendance of ratepayers and residents, the Mayor presiding. The business before the meeting was the consideration of the proposals submitted by the council in regard to the raising of a loan for the purpose of carrying out certain works, and after some discussion a resolution was carried in favour of the scheme being proceeded with forthwith. It was stated that the estimates had been carefully prepared and that the cost would not exceed the amount set down. Several speakers addressed the meeting and the proceedings concluded with a vote of thanks to the chair.
The meeting was held in the Town Hall last evening when there was a large attendance of ratepayers and residents, the Mayor presiding. The business before the meeting was the consideration of the proposals submitted by the council in regard to the raising of a loan for the purpose of carrying out certain works, and after some discussion a resolution was carried in favour of the scheme being proceeded with forthwith. It was stated that the estimates had been carefully prepared and that the cost would not exceed the amount set down. Several speakers addressed the meeting and the proceedings concluded with a vote of thanks to the chair.
The meeting was held in the Town Hall last evening when there was a large attendance of ratepayers and residents, the Mayor presiding. The business before the meeting was the consideration of the proposals submitted by the council in regard to the raising of a loan for the purpose of carrying out certain works, and after some discussion a resolution was carried in favour of the scheme being proceeded with forthwith. It was stated that the estimates had been carefully prepared and that the cost would not exceed the amount set down. Several speakers addressed the meeting and the proceedings concluded with a vote of thanks to the chair.
THE EXHIBITION.
Day by Day.
The meeting was held in the Town Hall last evening when there was a large attendance of ratepayers and residents, the Mayor presiding. The business before the meeting was the consideration of the proposals submitted by the council in regard to the raising of a loan for the purpose of carrying out certain works, and after some discussion a resolution was carried in favour of the scheme being proceeded with forthwith. It was stated that the estimates had been carefully prepared and that the cost would not exceed the amount set down. Several speakers addressed the meeting and the proceedings concluded with a vote of thanks to the chair.
The meeting was held in the Town Hall last evening when there was a large attendance of ratepayers and residents, the Mayor presiding. The business before the meeting was the consideration of the proposals submitted by the council in regard to the raising of a loan for the purpose of carrying out certain works, and after some discussion a resolution was carried in favour of the scheme being proceeded with forthwith. It was stated that the estimates had been carefully prepared and that the cost would not exceed the amount set down. Several speakers addressed the meeting and the proceedings concluded with a vote of thanks to the chair.
The meeting was held in the Town Hall last evening when there was a large attendance of ratepayers and residents, the Mayor presiding. The business before the meeting was the consideration of the proposals submitted by the council in regard to the raising of a loan for the purpose of carrying out certain works, and after some discussion a resolution was carried in favour of the scheme being proceeded with forthwith. It was stated that the estimates had been carefully prepared and that the cost would not exceed the amount set down. Several speakers addressed the meeting and the proceedings concluded with a vote of thanks to the chair.
The meeting was held in the Town Hall last evening when there was a large attendance of ratepayers and residents, the Mayor presiding. The business before the meeting was the consideration of the proposals submitted by the council in regard to the raising of a loan for the purpose of carrying out certain works, and after some discussion a resolution was carried in favour of the scheme being proceeded with forthwith. It was stated that the estimates had been carefully prepared and that the cost would not exceed the amount set down. Several speakers addressed the meeting and the proceedings concluded with a vote of thanks to the chair.
The meeting was held in the Town Hall last evening when there was a large attendance of ratepayers and residents, the Mayor presiding. The business before the meeting was the consideration of the proposals submitted by the council in regard to the raising of a loan for the purpose of carrying out certain works, and after some discussion a resolution was carried in favour of the scheme being proceeded with forthwith. It was stated that the estimates had been carefully prepared and that the cost would not exceed the amount set down. Several speakers addressed the meeting and the proceedings concluded with a vote of thanks to the chair.
The meeting was held in the Town Hall last evening when there was a large attendance of ratepayers and residents, the Mayor presiding. The business before the meeting was the consideration of the proposals submitted by the council in regard to the raising of a loan for the purpose of carrying out certain works, and after some discussion a resolution was carried in favour of the scheme being proceeded with forthwith. It was stated that the estimates had been carefully prepared and that the cost would not exceed the amount set down. Several speakers addressed the meeting and the proceedings concluded with a vote of thanks to the chair.
The meeting was held in the Town Hall last evening when there was a large attendance of ratepayers and residents, the Mayor presiding. The business before the meeting was the consideration of the proposals submitted by the council in regard to the raising of a loan for the purpose of carrying out certain works, and after some discussion a resolution was carried in favour of the scheme being proceeded with forthwith. It was stated that the estimates had been carefully prepared and that the cost would not exceed the amount set down. Several speakers addressed the meeting and the proceedings concluded with a vote of thanks to the chair.
The meeting was held in the Town Hall last evening when there was a large attendance of ratepayers and residents, the Mayor presiding. The business before the meeting was the consideration of the proposals submitted by the council in regard to the raising of a loan for the purpose of carrying out certain works, and after some discussion a resolution was carried in favour of the scheme being proceeded with forthwith. It was stated that the estimates had been carefully prepared and that the cost would not exceed the amount set down. Several speakers addressed the meeting and the proceedings concluded with a vote of thanks to the chair.
The meeting was held in the Town Hall last evening when there was a large attendance of ratepayers and residents, the Mayor presiding. The business before the meeting was the consideration of the proposals submitted by the council in regard to the raising of a loan for the purpose of carrying out certain works, and after some discussion a resolution was carried in favour of the scheme being proceeded with forthwith. It was stated that the estimates had been carefully prepared and that the cost would not exceed the amount set down. Several speakers addressed the meeting and the proceedings concluded with a vote of thanks to the chair.
HALCOMBE.
The meeting was held in the Town Hall last evening when there was a large attendance of ratepayers and residents, the Mayor presiding. The business before the meeting was the consideration of the proposals submitted by the council in regard to the raising of a loan for the purpose of carrying out certain works, and after some discussion a resolution was carried in favour of the scheme being proceeded with forthwith. It was stated that the estimates had been carefully prepared and that the cost would not exceed the amount set down. Several speakers addressed the meeting and the proceedings concluded with a vote of thanks to the chair.
The meeting was held in the Town Hall last evening when there was a large attendance of ratepayers and residents, the Mayor presiding. The business before the meeting was the consideration of the proposals submitted by the council in regard to the raising of a loan for the purpose of carrying out certain works, and after some discussion a resolution was carried in favour of the scheme being proceeded with forthwith. It was stated that the estimates had been carefully prepared and that the cost would not exceed the amount set down. Several speakers addressed the meeting and the proceedings concluded with a vote of thanks to the chair.
The meeting was held in the Town Hall last evening when there was a large attendance of ratepayers and residents, the Mayor presiding. The business before the meeting was the consideration of the proposals submitted by the council in regard to the raising of a loan for the purpose of carrying out certain works, and after some discussion a resolution was carried in favour of the scheme being proceeded with forthwith. It was stated that the estimates had been carefully prepared and that the cost would not exceed the amount set down. Several speakers addressed the meeting and the proceedings concluded with a vote of thanks to the chair.
The meeting was held in the Town Hall last evening when there was a large attendance of ratepayers and residents, the Mayor presiding. The business before the meeting was the consideration of the proposals submitted by the council in regard to the raising of a loan for the purpose of carrying out certain works, and after some discussion a resolution was carried in favour of the scheme being proceeded with forthwith. It was stated that the estimates had been carefully prepared and that the cost would not exceed the amount set down. Several speakers addressed the meeting and the proceedings concluded with a vote of thanks to the chair.
The meeting was held in the Town Hall last evening when there was a large attendance of ratepayers and residents, the Mayor presiding. The business before the meeting was the consideration of the proposals submitted by the council in regard to the raising of a loan for the purpose of carrying out certain works, and after some discussion a resolution was carried in favour of the scheme being proceeded with forthwith. It was stated that the estimates had been carefully prepared and that the cost would not exceed the amount set down. Several speakers addressed the meeting and the proceedings concluded with a vote of thanks to the chair.
The meeting was held in the Town Hall last evening when there was a large attendance of ratepayers and residents, the Mayor presiding. The business before the meeting was the consideration of the proposals submitted by the council in regard to the raising of a loan for the purpose of carrying out certain works, and after some discussion a resolution was carried in favour of the scheme being proceeded with forthwith. It was stated that the estimates had been carefully prepared and that the cost would not exceed the amount set down. Several speakers addressed the meeting and the proceedings concluded with a vote of thanks to the chair.
The meeting was held in the Town Hall last evening when there was a large attendance of ratepayers and residents, the Mayor presiding. The business before the meeting was the consideration of the proposals submitted by the council in regard to the raising of a loan for the purpose of carrying out certain works, and after some discussion a resolution was carried in favour of the scheme being proceeded with forthwith. It was stated that the estimates had been carefully prepared and that the cost would not exceed the amount set down. Several speakers addressed the meeting and the proceedings concluded with a vote of thanks to the chair.
The meeting was held in the Town Hall last evening when there was a large attendance of ratepayers and residents, the Mayor presiding. The business before the meeting was the consideration of the proposals submitted by the council in regard to the raising of a loan for the purpose of carrying out certain works, and after some discussion a resolution was carried in favour of the scheme being proceeded with forthwith. It was stated that the estimates had been carefully prepared and that the cost would not exceed the amount set down. Several speakers addressed the meeting and the proceedings concluded with a vote of thanks to the chair.
The meeting was held in the Town Hall last evening when there was a large attendance of ratepayers and residents, the Mayor presiding. The business before the meeting was the consideration of the proposals submitted by the council in regard to the raising of a loan for the purpose of carrying out certain works, and after some discussion a resolution was carried in favour of the scheme being proceeded with forthwith. It was stated that the estimates had been carefully prepared and that the cost would not exceed the amount set down. Several speakers addressed the meeting and the proceedings concluded with a vote of thanks to the chair.
The meeting was held in the Town Hall last evening when there was a large attendance of ratepayers and residents, the Mayor presiding. The business before the meeting was the consideration of the proposals submitted by the council in regard to the raising of a loan for the purpose of carrying out certain works, and after some discussion a resolution was carried in favour of the scheme being proceeded with forthwith. It was stated that the estimates had been carefully prepared and that the cost would not exceed the amount set down. Several speakers addressed the meeting and the proceedings concluded with a vote of thanks to the chair.
